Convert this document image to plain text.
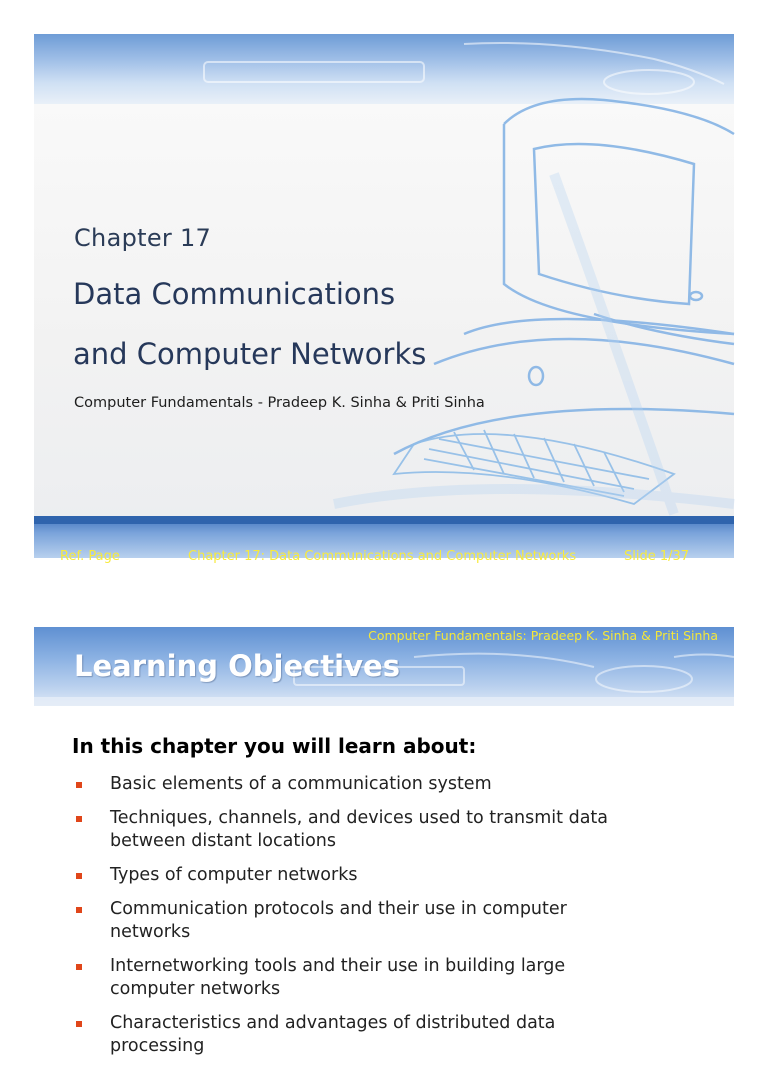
Chapter 17
Data Communications
and Computer Networks
Computer Fundamentals - Pradeep K. Sinha & Priti Sinha
Ref. Page	Chapter 17: Data Communications and Computer Networks	Slide 1/37
Computer Fundamentals: Pradeep K. Sinha & Priti Sinha
Learning Objectives
In this chapter you will learn about:
Basic elements of a communication system
Techniques, channels, and devices used to transmit data between distant locations
Types of computer networks
Communication protocols and their use in computer networks
Internetworking tools and their use in building large computer networks
Characteristics and advantages of distributed data processing
